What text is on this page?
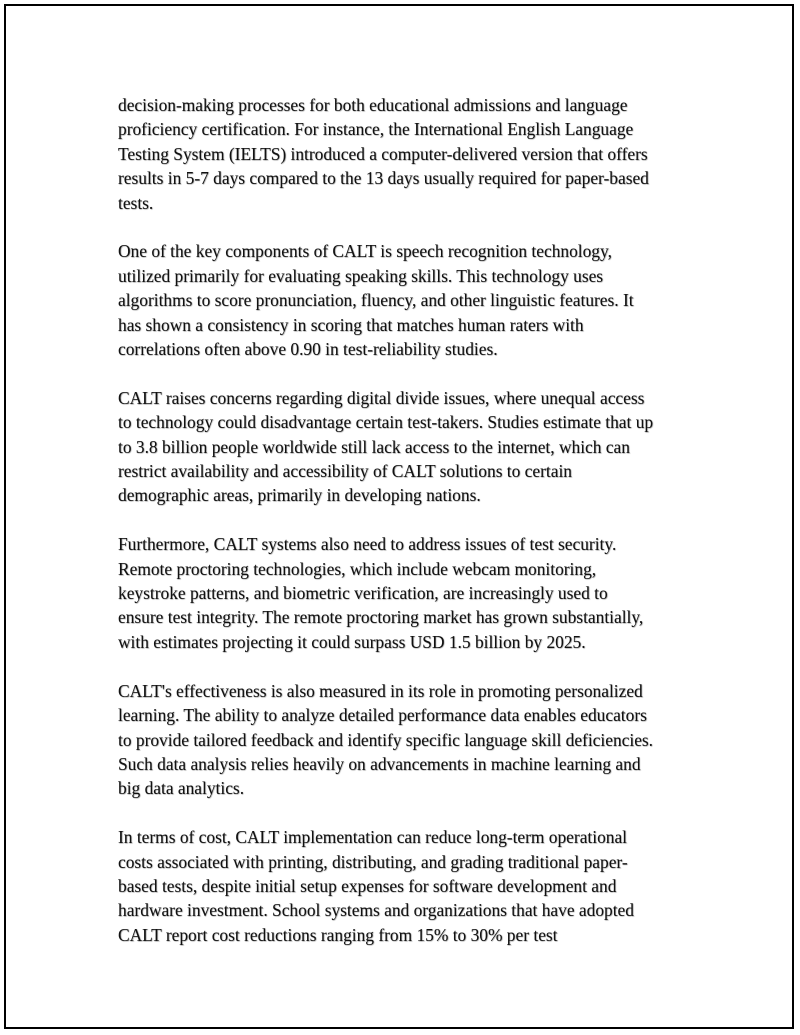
decision-making processes for both educational admissions and language
proficiency certification. For instance, the International English Language
Testing System (IELTS) introduced a computer-delivered version that offers
results in 5-7 days compared to the 13 days usually required for paper-based
tests.

One of the key components of CALT is speech recognition technology,
utilized primarily for evaluating speaking skills. This technology uses
algorithms to score pronunciation, fluency, and other linguistic features. It
has shown a consistency in scoring that matches human raters with
correlations often above 0.90 in test-reliability studies.

CALT raises concerns regarding digital divide issues, where unequal access
to technology could disadvantage certain test-takers. Studies estimate that up
to 3.8 billion people worldwide still lack access to the internet, which can
restrict availability and accessibility of CALT solutions to certain
demographic areas, primarily in developing nations.

Furthermore, CALT systems also need to address issues of test security.
Remote proctoring technologies, which include webcam monitoring,
keystroke patterns, and biometric verification, are increasingly used to
ensure test integrity. The remote proctoring market has grown substantially,
with estimates projecting it could surpass USD 1.5 billion by 2025.

CALT's effectiveness is also measured in its role in promoting personalized
learning. The ability to analyze detailed performance data enables educators
to provide tailored feedback and identify specific language skill deficiencies.
Such data analysis relies heavily on advancements in machine learning and
big data analytics.

In terms of cost, CALT implementation can reduce long-term operational
costs associated with printing, distributing, and grading traditional paper-
based tests, despite initial setup expenses for software development and
hardware investment. School systems and organizations that have adopted
CALT report cost reductions ranging from 15% to 30% per test
